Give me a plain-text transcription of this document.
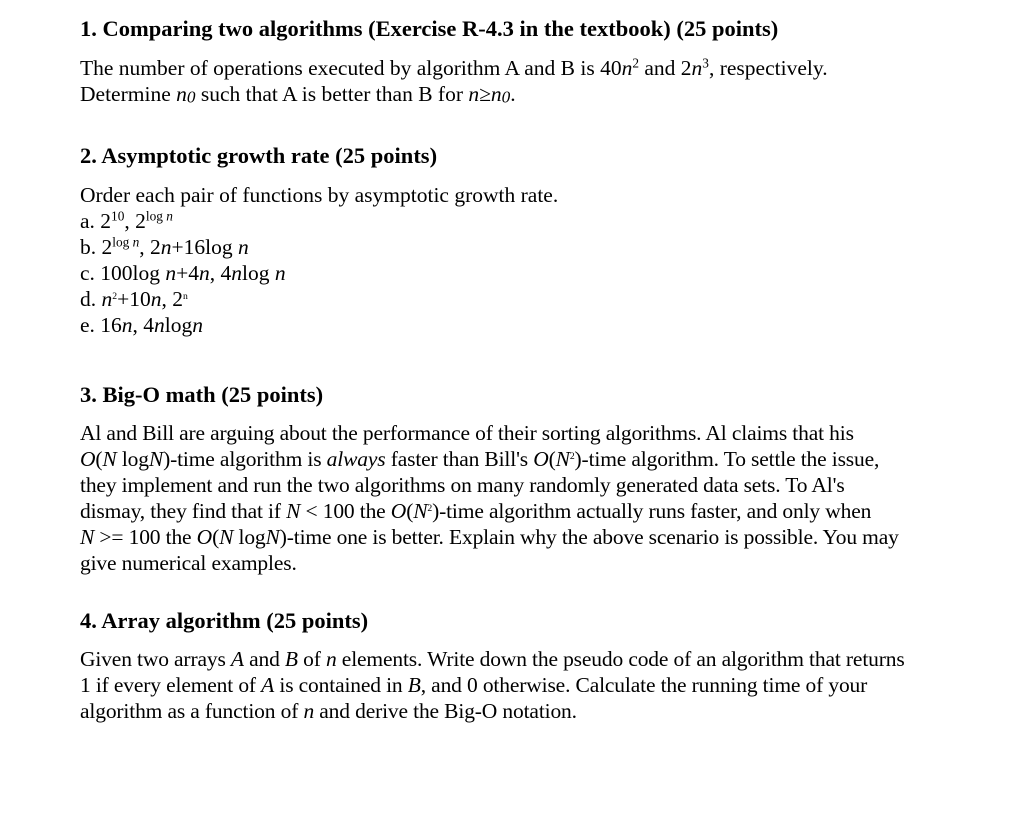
1. Comparing two algorithms (Exercise R-4.3 in the textbook) (25 points)

The number of operations executed by algorithm A and B is $40n^2$ and $2n^3$, respectively.
Determine $n_0$ such that A is better than B for $n\ge n_0$.

2. Asymptotic growth rate (25 points)

Order each pair of functions by asymptotic growth rate.
a. $2^{10}$, $2^{log}$ $^n$
b. $2^{log}$ $^n$, 2n+16log n
c. 100log n+4n, 4nlog n
d. $n^2+10n$, 2$^n$
e. 16n, 4nlogn

3. Big-O math (25 points)

Al and Bill are arguing about the performance of their sorting algorithms. Al claims that his
O(N logN)-time algorithm is always faster than Bill's $O(N^2)$-time algorithm. To settle the issue,
they implement and run the two algorithms on many randomly generated data sets. To Al's
dismay, they find that if N < 100 the $O(N^2)$-time algorithm actually runs faster, and only when
N >= 100 the O(N logN)-time one is better. Explain why the above scenario is possible. You may
give numerical examples.

4. Array algorithm (25 points)

Given two arrays A and B of n elements. Write down the pseudo code of an algorithm that returns
1 if every element of A is contained in B, and 0 otherwise. Calculate the running time of your
algorithm as a function of n and derive the Big-O notation.
